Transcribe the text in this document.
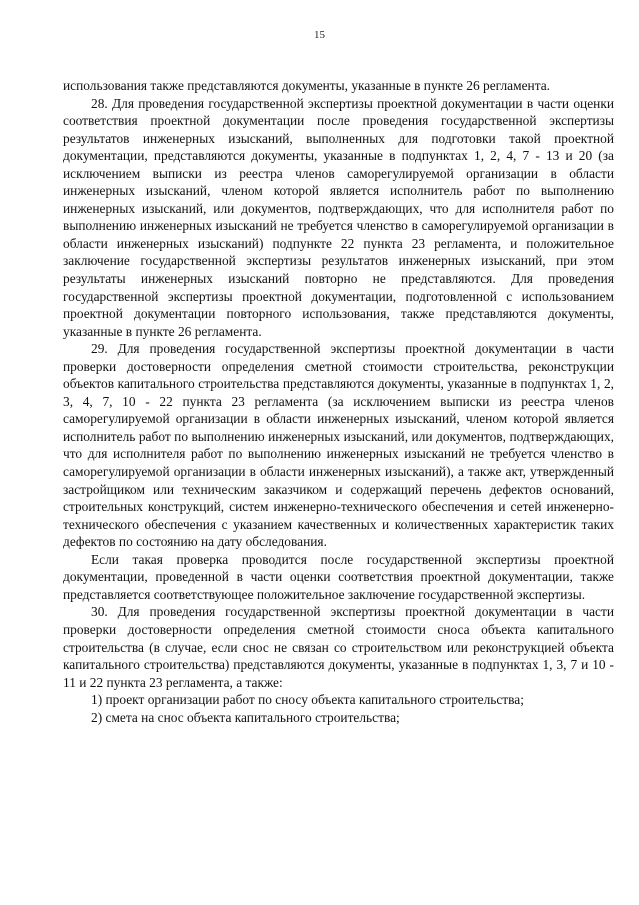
15

использования также представляются документы, указанные в пункте 26 регламента.

28. Для проведения государственной экспертизы проектной документации в части оценки соответствия проектной документации после проведения государственной экспертизы результатов инженерных изысканий, выполненных для подготовки такой проектной документации, представляются документы, указанные в подпунктах 1, 2, 4, 7 - 13 и 20 (за исключением выписки из реестра членов саморегулируемой организации в области инженерных изысканий, членом которой является исполнитель работ по выполнению инженерных изысканий, или документов, подтверждающих, что для исполнителя работ по выполнению инженерных изысканий не требуется членство в саморегулируемой организации в области инженерных изысканий) подпункте 22 пункта 23 регламента, и положительное заключение государственной экспертизы результатов инженерных изысканий, при этом результаты инженерных изысканий повторно не представляются. Для проведения государственной экспертизы проектной документации, подготовленной с использованием проектной документации повторного использования, также представляются документы, указанные в пункте 26 регламента.

29. Для проведения государственной экспертизы проектной документации в части проверки достоверности определения сметной стоимости строительства, реконструкции объектов капитального строительства представляются документы, указанные в подпунктах 1, 2, 3, 4, 7, 10 - 22 пункта 23 регламента (за исключением выписки из реестра членов саморегулируемой организации в области инженерных изысканий, членом которой является исполнитель работ по выполнению инженерных изысканий, или документов, подтверждающих, что для исполнителя работ по выполнению инженерных изысканий не требуется членство в саморегулируемой организации в области инженерных изысканий), а также акт, утвержденный застройщиком или техническим заказчиком и содержащий перечень дефектов оснований, строительных конструкций, систем инженерно-технического обеспечения и сетей инженерно-технического обеспечения с указанием качественных и количественных характеристик таких дефектов по состоянию на дату обследования.

Если такая проверка проводится после государственной экспертизы проектной документации, проведенной в части оценки соответствия проектной документации, также представляется соответствующее положительное заключение государственной экспертизы.

30. Для проведения государственной экспертизы проектной документации в части проверки достоверности определения сметной стоимости сноса объекта капитального строительства (в случае, если снос не связан со строительством или реконструкцией объекта капитального строительства) представляются документы, указанные в подпунктах 1, 3, 7 и 10 - 11 и 22 пункта 23 регламента, а также:

1) проект организации работ по сносу объекта капитального строительства;

2) смета на снос объекта капитального строительства;
